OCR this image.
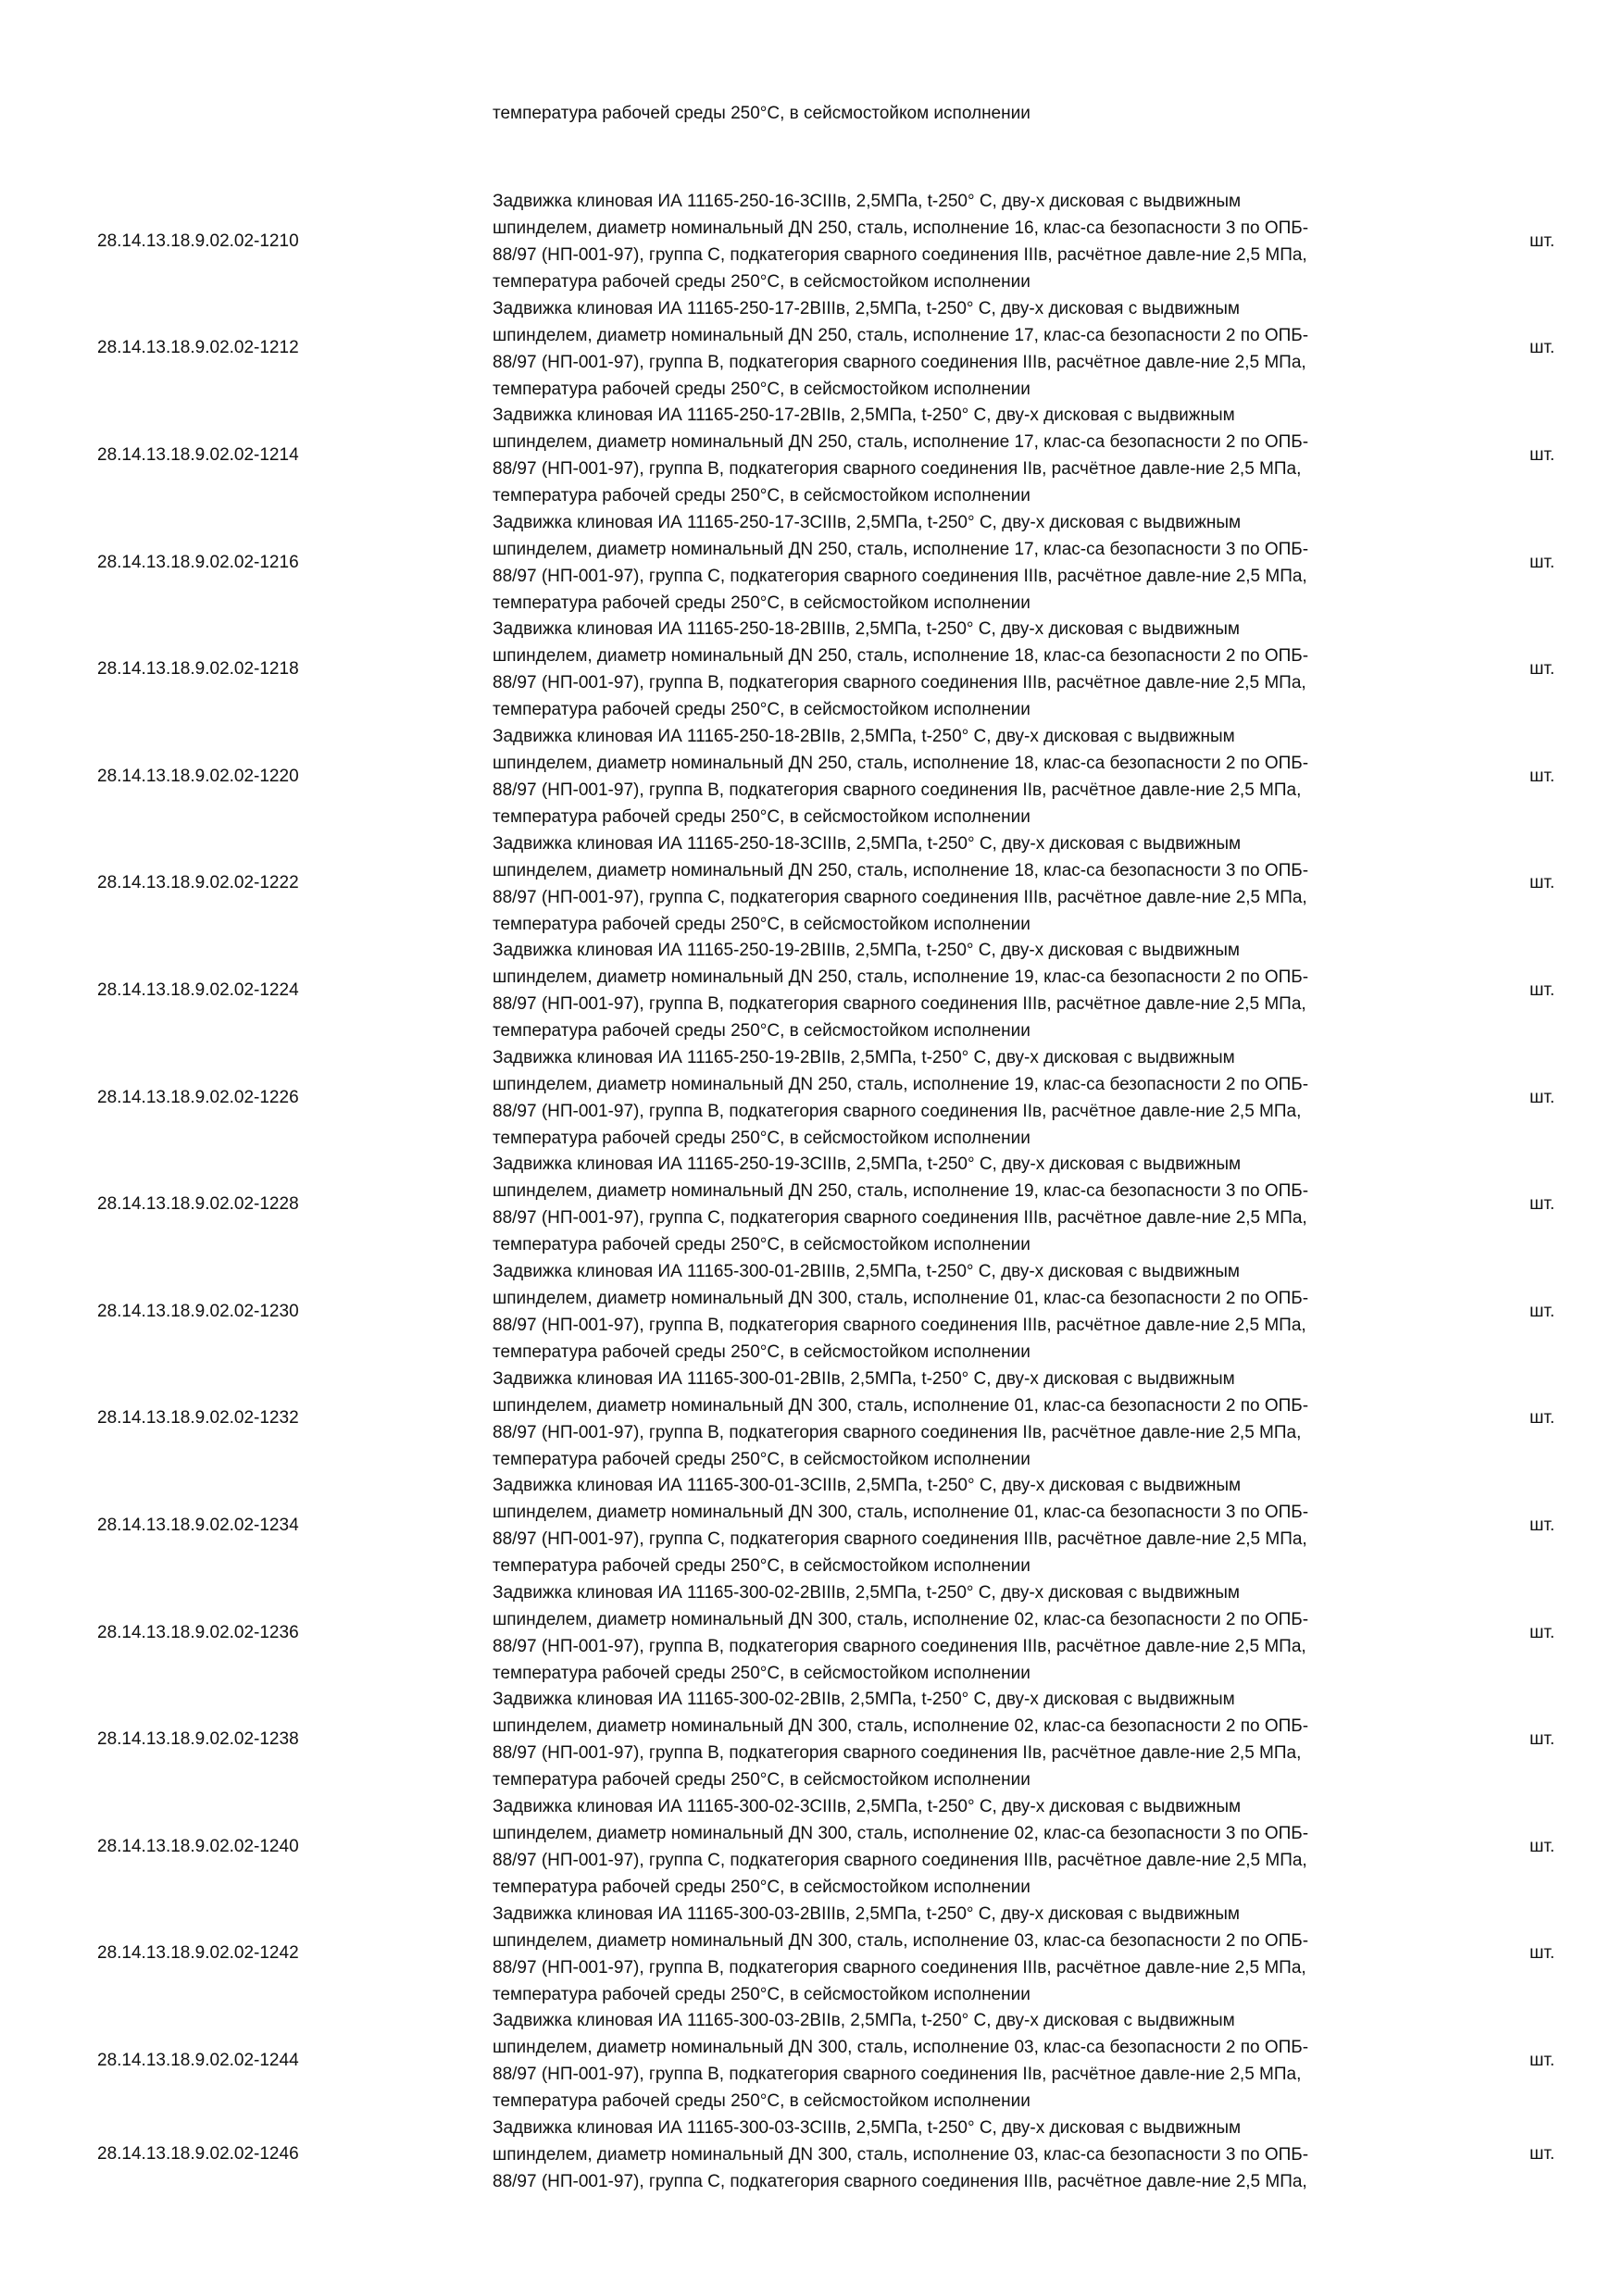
температура рабочей среды 250°С, в сейсмостойком исполнении
28.14.13.18.9.02.02-1210
Задвижка клиновая ИА 11165-250-16-3СIIIв, 2,5МПа, t-250° С, дву-х дисковая с выдвижным
шпинделем, диаметр номинальный ДN 250, сталь, исполнение 16, клас-са безопасности 3 по ОПБ-
88/97 (НП-001-97), группа С, подкатегория сварного соединения IIIв, расчётное давле-ние 2,5 МПа,
температура рабочей среды 250°С, в сейсмостойком исполнении
шт.
28.14.13.18.9.02.02-1212
Задвижка клиновая ИА 11165-250-17-2ВIIIв, 2,5МПа, t-250° С, дву-х дисковая с выдвижным
шпинделем, диаметр номинальный ДN 250, сталь, исполнение 17, клас-са безопасности 2 по ОПБ-
88/97 (НП-001-97), группа В, подкатегория сварного соединения IIIв, расчётное давле-ние 2,5 МПа,
температура рабочей среды 250°С, в сейсмостойком исполнении
шт.
28.14.13.18.9.02.02-1214
Задвижка клиновая ИА 11165-250-17-2ВIIв, 2,5МПа, t-250° С, дву-х дисковая с выдвижным
шпинделем, диаметр номинальный ДN 250, сталь, исполнение 17, клас-са безопасности 2 по ОПБ-
88/97 (НП-001-97), группа В, подкатегория сварного соединения IIв, расчётное давле-ние 2,5 МПа,
температура рабочей среды 250°С, в сейсмостойком исполнении
шт.
28.14.13.18.9.02.02-1216
Задвижка клиновая ИА 11165-250-17-3СIIIв, 2,5МПа, t-250° С, дву-х дисковая с выдвижным
шпинделем, диаметр номинальный ДN 250, сталь, исполнение 17, клас-са безопасности 3 по ОПБ-
88/97 (НП-001-97), группа С, подкатегория сварного соединения IIIв, расчётное давле-ние 2,5 МПа,
температура рабочей среды 250°С, в сейсмостойком исполнении
шт.
28.14.13.18.9.02.02-1218
Задвижка клиновая ИА 11165-250-18-2ВIIIв, 2,5МПа, t-250° С, дву-х дисковая с выдвижным
шпинделем, диаметр номинальный ДN 250, сталь, исполнение 18, клас-са безопасности 2 по ОПБ-
88/97 (НП-001-97), группа В, подкатегория сварного соединения IIIв, расчётное давле-ние 2,5 МПа,
температура рабочей среды 250°С, в сейсмостойком исполнении
шт.
28.14.13.18.9.02.02-1220
Задвижка клиновая ИА 11165-250-18-2ВIIв, 2,5МПа, t-250° С, дву-х дисковая с выдвижным
шпинделем, диаметр номинальный ДN 250, сталь, исполнение 18, клас-са безопасности 2 по ОПБ-
88/97 (НП-001-97), группа В, подкатегория сварного соединения IIв, расчётное давле-ние 2,5 МПа,
температура рабочей среды 250°С, в сейсмостойком исполнении
шт.
28.14.13.18.9.02.02-1222
Задвижка клиновая ИА 11165-250-18-3СIIIв, 2,5МПа, t-250° С, дву-х дисковая с выдвижным
шпинделем, диаметр номинальный ДN 250, сталь, исполнение 18, клас-са безопасности 3 по ОПБ-
88/97 (НП-001-97), группа С, подкатегория сварного соединения IIIв, расчётное давле-ние 2,5 МПа,
температура рабочей среды 250°С, в сейсмостойком исполнении
шт.
28.14.13.18.9.02.02-1224
Задвижка клиновая ИА 11165-250-19-2ВIIIв, 2,5МПа, t-250° С, дву-х дисковая с выдвижным
шпинделем, диаметр номинальный ДN 250, сталь, исполнение 19, клас-са безопасности 2 по ОПБ-
88/97 (НП-001-97), группа В, подкатегория сварного соединения IIIв, расчётное давле-ние 2,5 МПа,
температура рабочей среды 250°С, в сейсмостойком исполнении
шт.
28.14.13.18.9.02.02-1226
Задвижка клиновая ИА 11165-250-19-2ВIIв, 2,5МПа, t-250° С, дву-х дисковая с выдвижным
шпинделем, диаметр номинальный ДN 250, сталь, исполнение 19, клас-са безопасности 2 по ОПБ-
88/97 (НП-001-97), группа В, подкатегория сварного соединения IIв, расчётное давле-ние 2,5 МПа,
температура рабочей среды 250°С, в сейсмостойком исполнении
шт.
28.14.13.18.9.02.02-1228
Задвижка клиновая ИА 11165-250-19-3СIIIв, 2,5МПа, t-250° С, дву-х дисковая с выдвижным
шпинделем, диаметр номинальный ДN 250, сталь, исполнение 19, клас-са безопасности 3 по ОПБ-
88/97 (НП-001-97), группа С, подкатегория сварного соединения IIIв, расчётное давле-ние 2,5 МПа,
температура рабочей среды 250°С, в сейсмостойком исполнении
шт.
28.14.13.18.9.02.02-1230
Задвижка клиновая ИА 11165-300-01-2ВIIIв, 2,5МПа, t-250° С, дву-х дисковая с выдвижным
шпинделем, диаметр номинальный ДN 300, сталь, исполнение 01, клас-са безопасности 2 по ОПБ-
88/97 (НП-001-97), группа В, подкатегория сварного соединения IIIв, расчётное давле-ние 2,5 МПа,
температура рабочей среды 250°С, в сейсмостойком исполнении
шт.
28.14.13.18.9.02.02-1232
Задвижка клиновая ИА 11165-300-01-2ВIIв, 2,5МПа, t-250° С, дву-х дисковая с выдвижным
шпинделем, диаметр номинальный ДN 300, сталь, исполнение 01, клас-са безопасности 2 по ОПБ-
88/97 (НП-001-97), группа В, подкатегория сварного соединения IIв, расчётное давле-ние 2,5 МПа,
температура рабочей среды 250°С, в сейсмостойком исполнении
шт.
28.14.13.18.9.02.02-1234
Задвижка клиновая ИА 11165-300-01-3СIIIв, 2,5МПа, t-250° С, дву-х дисковая с выдвижным
шпинделем, диаметр номинальный ДN 300, сталь, исполнение 01, клас-са безопасности 3 по ОПБ-
88/97 (НП-001-97), группа С, подкатегория сварного соединения IIIв, расчётное давле-ние 2,5 МПа,
температура рабочей среды 250°С, в сейсмостойком исполнении
шт.
28.14.13.18.9.02.02-1236
Задвижка клиновая ИА 11165-300-02-2ВIIIв, 2,5МПа, t-250° С, дву-х дисковая с выдвижным
шпинделем, диаметр номинальный ДN 300, сталь, исполнение 02, клас-са безопасности 2 по ОПБ-
88/97 (НП-001-97), группа В, подкатегория сварного соединения IIIв, расчётное давле-ние 2,5 МПа,
температура рабочей среды 250°С, в сейсмостойком исполнении
шт.
28.14.13.18.9.02.02-1238
Задвижка клиновая ИА 11165-300-02-2ВIIв, 2,5МПа, t-250° С, дву-х дисковая с выдвижным
шпинделем, диаметр номинальный ДN 300, сталь, исполнение 02, клас-са безопасности 2 по ОПБ-
88/97 (НП-001-97), группа В, подкатегория сварного соединения IIв, расчётное давле-ние 2,5 МПа,
температура рабочей среды 250°С, в сейсмостойком исполнении
шт.
28.14.13.18.9.02.02-1240
Задвижка клиновая ИА 11165-300-02-3СIIIв, 2,5МПа, t-250° С, дву-х дисковая с выдвижным
шпинделем, диаметр номинальный ДN 300, сталь, исполнение 02, клас-са безопасности 3 по ОПБ-
88/97 (НП-001-97), группа С, подкатегория сварного соединения IIIв, расчётное давле-ние 2,5 МПа,
температура рабочей среды 250°С, в сейсмостойком исполнении
шт.
28.14.13.18.9.02.02-1242
Задвижка клиновая ИА 11165-300-03-2ВIIIв, 2,5МПа, t-250° С, дву-х дисковая с выдвижным
шпинделем, диаметр номинальный ДN 300, сталь, исполнение 03, клас-са безопасности 2 по ОПБ-
88/97 (НП-001-97), группа В, подкатегория сварного соединения IIIв, расчётное давле-ние 2,5 МПа,
температура рабочей среды 250°С, в сейсмостойком исполнении
шт.
28.14.13.18.9.02.02-1244
Задвижка клиновая ИА 11165-300-03-2ВIIв, 2,5МПа, t-250° С, дву-х дисковая с выдвижным
шпинделем, диаметр номинальный ДN 300, сталь, исполнение 03, клас-са безопасности 2 по ОПБ-
88/97 (НП-001-97), группа В, подкатегория сварного соединения IIв, расчётное давле-ние 2,5 МПа,
температура рабочей среды 250°С, в сейсмостойком исполнении
шт.
28.14.13.18.9.02.02-1246
Задвижка клиновая ИА 11165-300-03-3СIIIв, 2,5МПа, t-250° С, дву-х дисковая с выдвижным
шпинделем, диаметр номинальный ДN 300, сталь, исполнение 03, клас-са безопасности 3 по ОПБ-
88/97 (НП-001-97), группа С, подкатегория сварного соединения IIIв, расчётное давле-ние 2,5 МПа,
шт.
